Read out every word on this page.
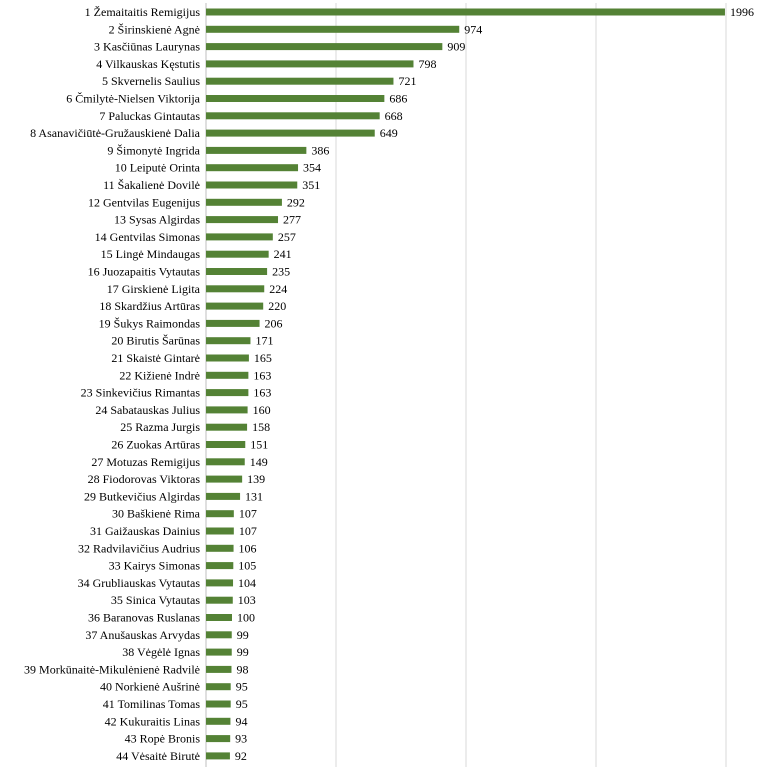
1 Žemaitaitis Remigijus
2 Širinskienė Agnė
3 Kasčiūnas Laurynas
4 Vilkauskas Kęstutis
5 Skvernelis Saulius
6 Čmilytė-Nielsen Viktorija
7 Paluckas Gintautas
8 Asanavičiūtė-Gružauskienė Dalia
9 Šimonytė Ingrida
10 Leiputė Orinta
11 Šakalienė Dovilė
12 Gentvilas Eugenijus
13 Sysas Algirdas
14 Gentvilas Simonas
15 Lingė Mindaugas
16 Juozapaitis Vytautas
17 Girskienė Ligita
18 Skardžius Artūras
19 Šukys Raimondas
20 Birutis Šarūnas
21 Skaistė Gintarė
22 Kižienė Indrė
23 Sinkevičius Rimantas
24 Sabatauskas Julius
25 Razma Jurgis
26 Zuokas Artūras
27 Motuzas Remigijus
28 Fiodorovas Viktoras
29 Butkevičius Algirdas
30 Baškienė Rima
31 Gaižauskas Dainius
32 Radvilavičius Audrius
33 Kairys Simonas
34 Grubliauskas Vytautas
35 Sinica Vytautas
36 Baranovas Ruslanas
37 Anušauskas Arvydas
38 Vėgėlė Ignas
39 Morkūnaitė-Mikulėnienė Radvilė
40 Norkienė Aušrinė
41 Tomilinas Tomas
42 Kukuraitis Linas
43 Ropė Bronis
44 Vėsaitė Birutė
1996
974
909
798
721
686
668
649
386
354
351
292
277
257
241
235
224
220
206
171
165
163
163
160
158
151
149
139
131
107
107
106
105
104
103
100
99
99
98
95
95
94
93
92
